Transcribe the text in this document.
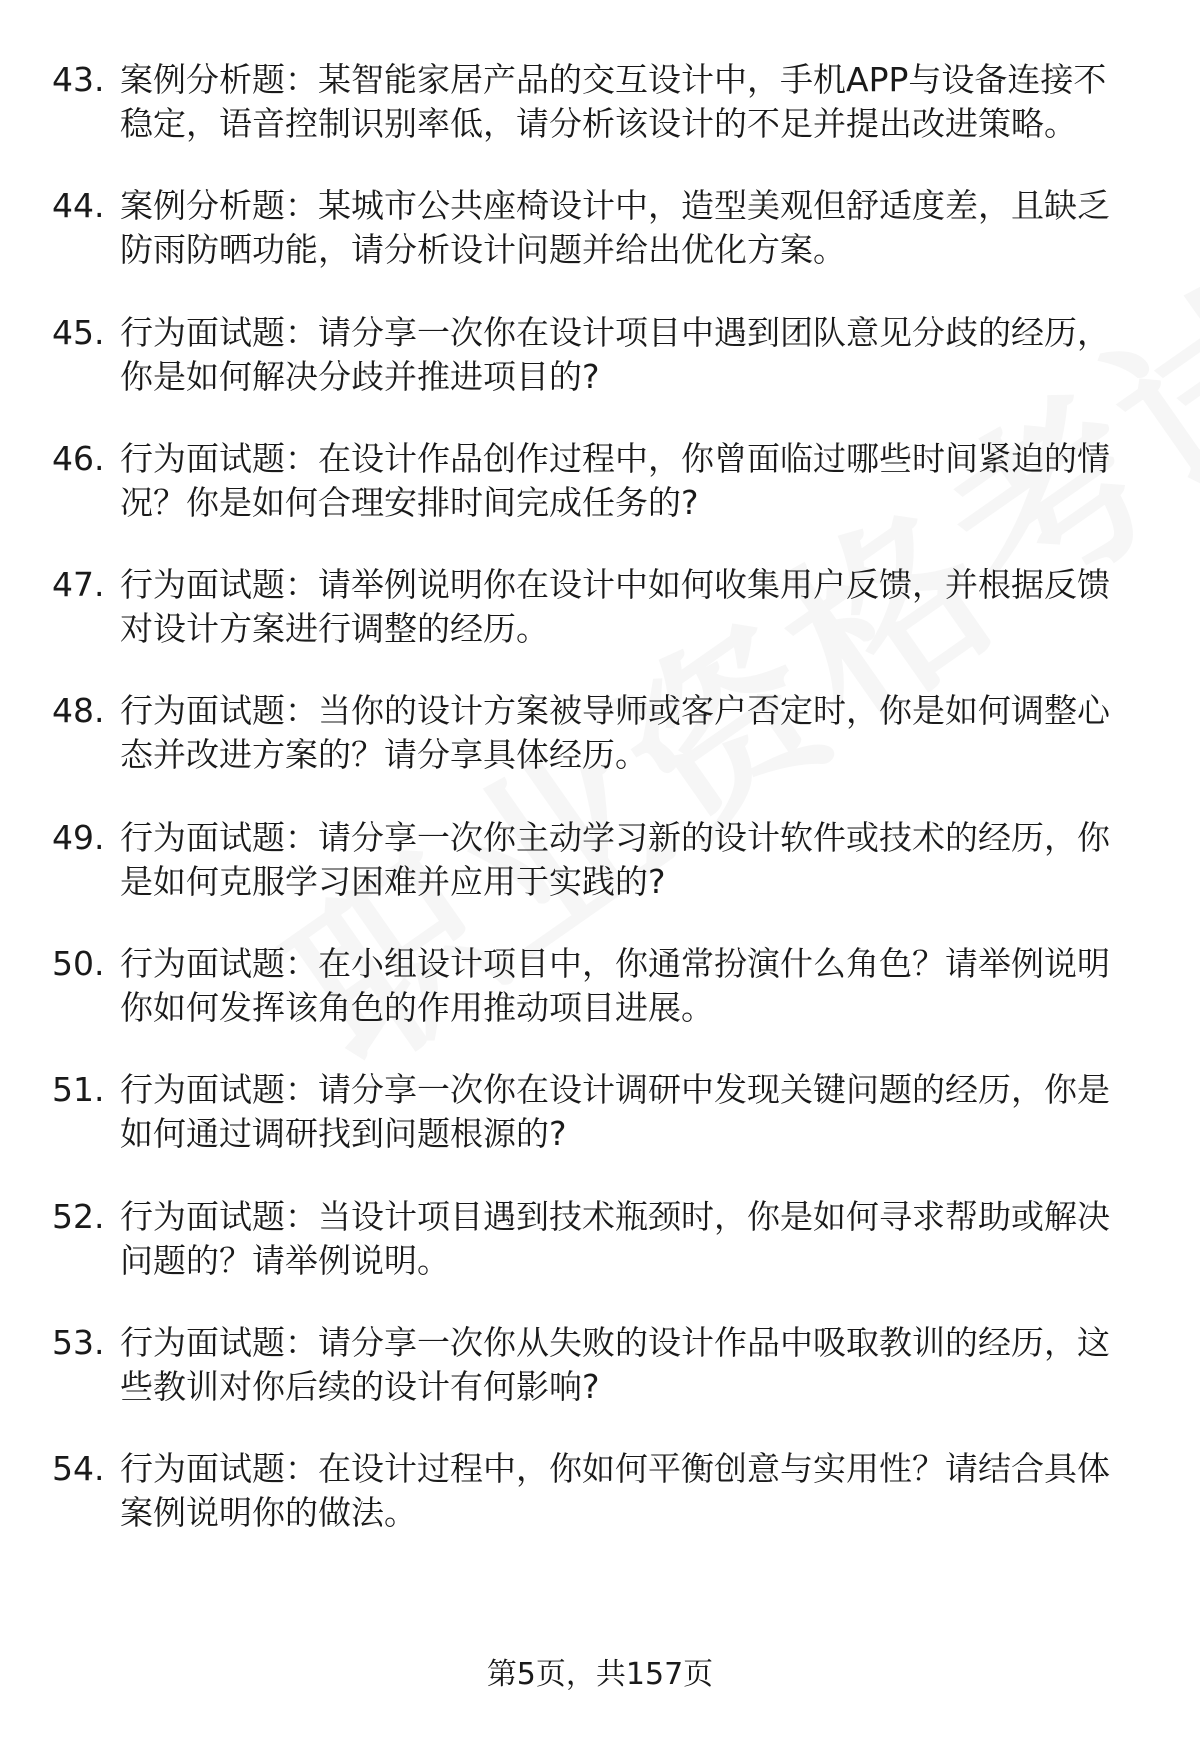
43. 案例分析题：某智能家居产品的交互设计中，手机APP与设备连接不稳定，语音控制识别率低，请分析该设计的不足并提出改进策略。
44. 案例分析题：某城市公共座椅设计中，造型美观但舒适度差，且缺乏防雨防晒功能，请分析设计问题并给出优化方案。
45. 行为面试题：请分享一次你在设计项目中遇到团队意见分歧的经历，你是如何解决分歧并推进项目的?
46. 行为面试题：在设计作品创作过程中，你曾面临过哪些时间紧迫的情况？你是如何合理安排时间完成任务的?
47. 行为面试题：请举例说明你在设计中如何收集用户反馈，并根据反馈对设计方案进行调整的经历。
48. 行为面试题：当你的设计方案被导师或客户否定时，你是如何调整心态并改进方案的？请分享具体经历。
49. 行为面试题：请分享一次你主动学习新的设计软件或技术的经历，你是如何克服学习困难并应用于实践的?
50. 行为面试题：在小组设计项目中，你通常扮演什么角色？请举例说明你如何发挥该角色的作用推动项目进展。
51. 行为面试题：请分享一次你在设计调研中发现关键问题的经历，你是如何通过调研找到问题根源的?
52. 行为面试题：当设计项目遇到技术瓶颈时，你是如何寻求帮助或解决问题的？请举例说明。
53. 行为面试题：请分享一次你从失败的设计作品中吸取教训的经历，这些教训对你后续的设计有何影响?
54. 行为面试题：在设计过程中，你如何平衡创意与实用性？请结合具体案例说明你的做法。
第5页，共157页
